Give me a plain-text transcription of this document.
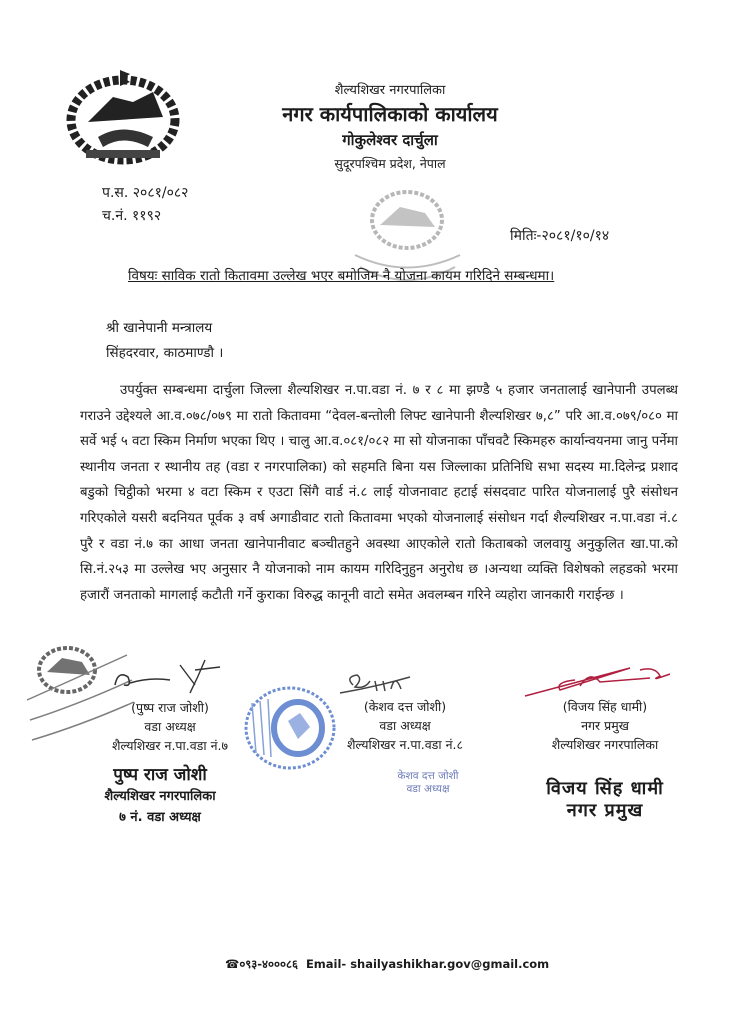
शैल्यशिखर नगरपालिका
नगर कार्यपालिकाको कार्यालय
गोकुलेश्वर दार्चुला
सुदूरपश्चिम प्रदेश, नेपाल
प.स. २०८१/०८२
च.नं. ११९२
मितिः-२०८१/१०/१४
विषयः साविक रातो कितावमा उल्लेख भएर बमोजिम नै योजना कायम गरिदिने सम्बन्धमा।
श्री खानेपानी मन्त्रालय
सिंहदरवार, काठमाण्डौ ।
उपर्युक्त सम्बन्धमा दार्चुला जिल्ला शैल्यशिखर न.पा.वडा नं. ७ र ८ मा झण्डै ५ हजार जनतालाई खानेपानी उपलब्ध गराउने उद्देश्यले आ.व.०७८/०७९ मा रातो कितावमा “देवल-बन्तोली लिफ्ट खानेपानी शैल्यशिखर ७,८” परि आ.व.०७९/०८० मा सर्वे भई ५ वटा स्किम निर्माण भएका थिए । चालु आ.व.०८१/०८२ मा सो योजनाका पाँचवटै स्किमहरु कार्यान्वयनमा जानु पर्नेमा स्थानीय जनता र स्थानीय तह (वडा र नगरपालिका) को सहमति बिना यस जिल्लाका प्रतिनिधि सभा सदस्य मा.दिलेन्द्र प्रशाद बडुको चिट्ठीको भरमा ४ वटा स्किम र एउटा सिंगै वार्ड नं.८ लाई योजनावाट हटाई संसदवाट पारित योजनालाई पुरै संसोधन गरिएकोले यसरी बदनियत पूर्वक ३ वर्ष अगाडीवाट रातो कितावमा भएको योजनालाई संसोधन गर्दा शैल्यशिखर न.पा.वडा नं.८ पुरै र वडा नं.७ का आधा जनता खानेपानीवाट बञ्चीतहुने अवस्था आएकोले रातो किताबको जलवायु अनुकुलित खा.पा.को सि.नं.२५३ मा उल्लेख भए अनुसार नै योजनाको नाम कायम गरिदिनुहुन अनुरोध छ ।अन्यथा व्यक्ति विशेषको लहडको भरमा हजारौं जनताको मागलाई कटौती गर्ने कुराका विरुद्ध कानूनी वाटो समेत अवलम्बन गरिने व्यहोरा जानकारी गराईन्छ ।
(पुष्प राज जोशी)
वडा अध्यक्ष
शैल्यशिखर न.पा.वडा नं.७
पुष्प राज जोशी
शैल्यशिखर नगरपालिका
७ नं. वडा अध्यक्ष
(केशव दत्त जोशी)
वडा अध्यक्ष
शैल्यशिखर न.पा.वडा नं.८
केशव दत्त जोशी
वडा अध्यक्ष
(विजय सिंह धामी)
नगर प्रमुख
शैल्यशिखर नगरपालिका
विजय सिंह धामी
नगर प्रमुख
☎०९३-४०००८६ Email- shailyashikhar.gov@gmail.com
